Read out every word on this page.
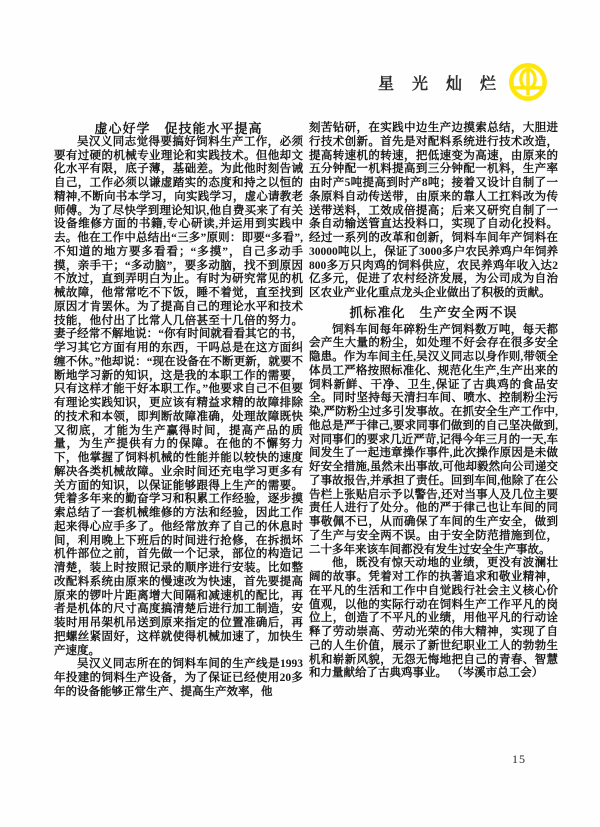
星 光 灿 烂
虚心好学　促技能水平提高

吴汉义同志觉得要搞好饲料生产工作，必须要有过硬的机械专业理论和实践技术。但他却文化水平有限，底子薄，基础差。为此他时刻告诫自己，工作必须以谦虚踏实的态度和持之以恒的精神,不断向书本学习，向实践学习，虚心请教老师傅。为了尽快学到理论知识,他自费买来了有关设备维修方面的书籍,专心研读,并运用到实践中去。他在工作中总结出“三多”原则：即要“多看”,不知道的地方要多看看；“多摸”，自己多动手摸，亲手干；“多动脑”，要多动脑，找不到原因不放过，直到弄明白为止。有时为研究常见的机械故障，他常常吃不下饭，睡不着觉，直至找到原因才肯罢休。为了提高自己的理论水平和技术技能，他付出了比常人几倍甚至十几倍的努力。妻子经常不解地说：“你有时间就看看其它的书，学习其它方面有用的东西，干吗总是在这方面纠缠不休。”他却说：“现在设备在不断更新，就要不断地学习新的知识，这是我的本职工作的需要，只有这样才能干好本职工作。”他要求自己不但要有理论实践知识，更应该有精益求精的故障排除的技术和本领，即判断故障准确，处理故障既快又彻底，才能为生产赢得时间，提高产品的质量，为生产提供有力的保障。在他的不懈努力下，他掌握了饲料机械的性能并能以较快的速度解决各类机械故障。业余时间还充电学习更多有关方面的知识，以保证能够跟得上生产的需要。凭着多年来的勤奋学习和积累工作经验，逐步摸索总结了一套机械维修的方法和经验，因此工作起来得心应手多了。他经常放弃了自己的休息时间，利用晚上下班后的时间进行抢修，在拆损坏机件部位之前，首先做一个记录，部位的构造记清楚，装上时按照记录的顺序进行安装。比如整改配料系统由原来的慢速改为快速，首先要提高原来的锣叶片距离增大间隔和减速机的配比，再者是机体的尺寸高度搞清楚后进行加工制造，安装时用吊架机吊送到原来指定的位置准确后，再把螺丝紧固好，这样就使得机械加速了，加快生产速度。

吴汉义同志所在的饲料车间的生产线是1993年投建的饲料生产设备，为了保证已经使用20多年的设备能够正常生产、提高生产效率，他

刻苦钻研，在实践中边生产边摸索总结，大胆进行技术创新。首先是对配料系统进行技术改造，提高转速机的转速，把低速变为高速，由原来的五分钟配一机料提高到三分钟配一机料，生产率由时产5吨提高到时产8吨；接着又设计自制了一条原料自动传送带，由原来的靠人工扛料改为传送带送料，工效成倍提高；后来又研究自制了一条自动输送管直达投料口，实现了自动化投料。经过一系列的改革和创新，饲料车间年产饲料在30000吨以上，保证了3000多户农民养鸡户年饲养800多万只肉鸡的饲料供应，农民养鸡年收入达2亿多元，促进了农村经济发展，为公司成为自治区农业产业化重点龙头企业做出了积极的贡献。

抓标准化　生产安全两不误

饲料车间每年碎粉生产饲料数万吨，每天都会产生大量的粉尘，如处理不好会存在很多安全隐患。作为车间主任,吴汉义同志以身作则,带领全体员工严格按照标准化、规范化生产,生产出来的饲料新鲜、干净、卫生,保证了古典鸡的食品安全。同时坚持每天清扫车间、喷水、控制粉尘污染,严防粉尘过多引发事故。在抓安全生产工作中,他总是严于律己,要求同事们做到的自己坚决做到,对同事们的要求几近严苛,记得今年三月的一天,车间发生了一起违章操作事件,此次操作原因是未做好安全措施,虽然未出事故,可他却毅然向公司递交了事故报告,并承担了责任。回到车间,他除了在公告栏上张贴启示予以警告,还对当事人及几位主要责任人进行了处分。他的严于律己也让车间的同事敬佩不已，从而确保了车间的生产安全，做到了生产与安全两不误。由于安全防范措施到位，二十多年来该车间都没有发生过安全生产事故。

他，既没有惊天动地的业绩，更没有波澜壮阔的故事。凭着对工作的执著追求和敬业精神，在平凡的生活和工作中自觉践行社会主义核心价值观，以他的实际行动在饲料生产工作平凡的岗位上，创造了不平凡的业绩，用他平凡的行动诠释了劳动崇高、劳动光荣的伟大精神，实现了自己的人生价值，展示了新世纪职业工人的勃勃生机和崭新风貌，无怨无悔地把自己的青春、智慧和力量献给了古典鸡事业。 （岑溪市总工会）

15
